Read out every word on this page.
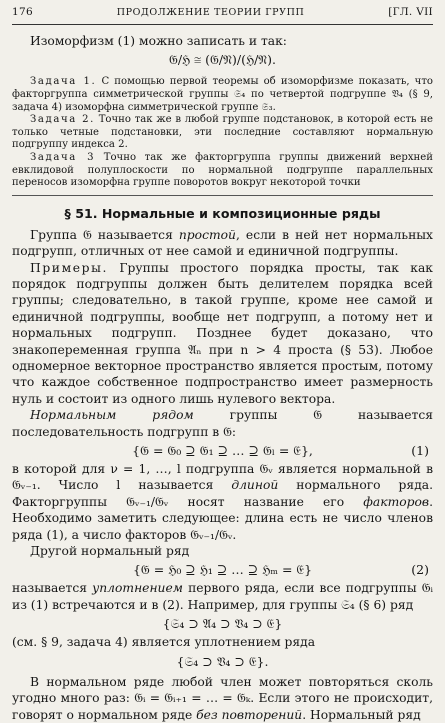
176	ПРОДОЛЖЕНИЕ ТЕОРИИ ГРУПП	[ГЛ. VII

Изоморфизм (1) можно записать и так:

𝔊/ℌ ≅ (𝔊/𝔑)/(ℌ/𝔑).

Задача 1. С помощью первой теоремы об изоморфизме показать, что факторгруппа симметрической группы 𝔖₄ по четвертой подгруппе 𝔙₄ (§ 9, задача 4) изоморфна симметрической группе 𝔖₃.

Задача 2. Точно так же в любой группе подстановок, в которой есть не только четные подстановки, эти последние составляют нормальную подгруппу индекса 2.

Задача 3 Точно так же факторгруппа группы движений верхней евклидовой полуплоскости по нормальной подгруппе параллельных переносов изоморфна группе поворотов вокруг некоторой точки

§ 51. Нормальные и композиционные ряды

Группа 𝔊 называется простой, если в ней нет нормальных подгрупп, отличных от нее самой и единичной подгруппы.

Примеры. Группы простого порядка просты, так как порядок подгруппы должен быть делителем порядка всей группы; следовательно, в такой группе, кроме нее самой и единичной подгруппы, вообще нет подгрупп, а потому нет и нормальных подгрупп. Позднее будет доказано, что знакопеременная группа 𝔄ₙ при n > 4 проста (§ 53). Любое одномерное векторное пространство является простым, потому что каждое собственное подпространство имеет размерность нуль и состоит из одного лишь нулевого вектора.

Нормальным рядом группы 𝔊 называется последовательность подгрупп в 𝔊:

{𝔊 = 𝔊₀ ⊇ 𝔊₁ ⊇ … ⊇ 𝔊ₗ = 𝔈},	(1)

в которой для ν = 1, …, l подгруппа 𝔊ᵥ является нормальной в 𝔊ᵥ₋₁. Число l называется длиной нормального ряда. Факторгруппы 𝔊ᵥ₋₁/𝔊ᵥ носят название его факторов. Необходимо заметить следующее: длина есть не число членов ряда (1), а число факторов 𝔊ᵥ₋₁/𝔊ᵥ.

Другой нормальный ряд

{𝔊 = ℌ₀ ⊇ ℌ₁ ⊇ … ⊇ ℌₘ = 𝔈}	(2)

называется уплотнением первого ряда, если все подгруппы 𝔊ᵢ из (1) встречаются и в (2). Например, для группы 𝔖₄ (§ 6) ряд

{𝔖₄ ⊃ 𝔄₄ ⊃ 𝔙₄ ⊃ 𝔈}

(см. § 9, задача 4) является уплотнением ряда

{𝔖₄ ⊃ 𝔙₄ ⊃ 𝔈}.

В нормальном ряде любой член может повторяться сколь угодно много раз: 𝔊ᵢ = 𝔊ᵢ₊₁ = … = 𝔊ₖ. Если этого не происходит, говорят о нормальном ряде без повторений. Нормальный ряд
